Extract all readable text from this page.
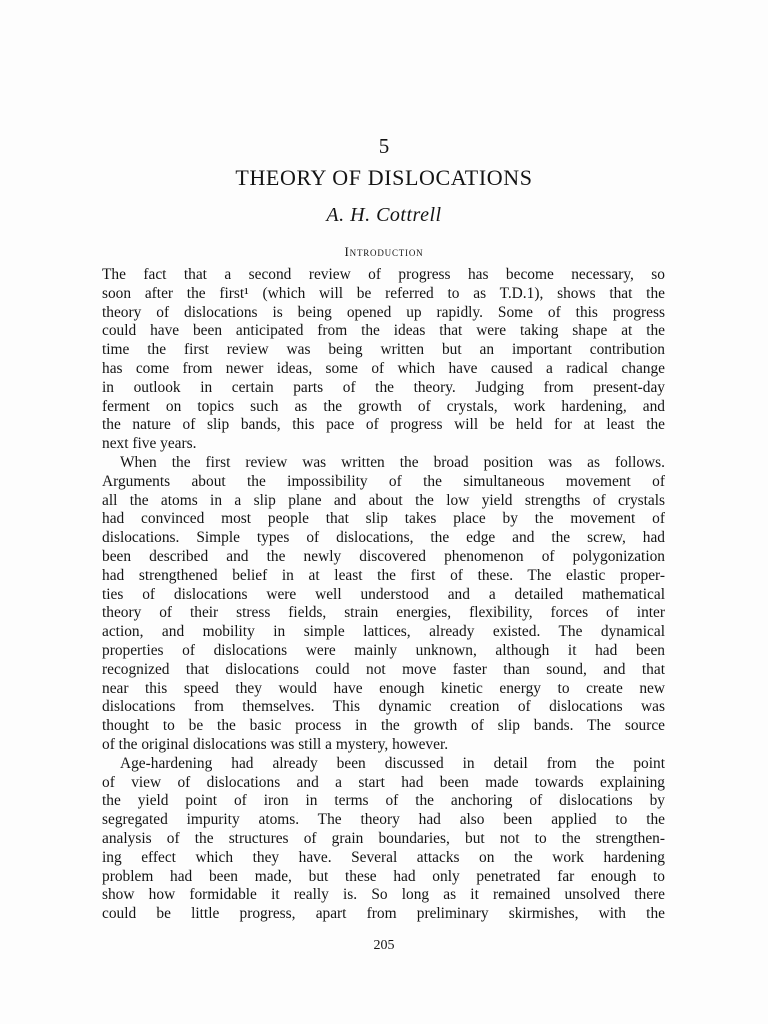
5
THEORY OF DISLOCATIONS
A. H. Cottrell
Introduction
The fact that a second review of progress has become necessary, so
soon after the first¹ (which will be referred to as T.D.1), shows that the
theory of dislocations is being opened up rapidly. Some of this progress
could have been anticipated from the ideas that were taking shape at the
time the first review was being written but an important contribution
has come from newer ideas, some of which have caused a radical change
in outlook in certain parts of the theory. Judging from present-day
ferment on topics such as the growth of crystals, work hardening, and
the nature of slip bands, this pace of progress will be held for at least the
next five years.
When the first review was written the broad position was as follows.
Arguments about the impossibility of the simultaneous movement of
all the atoms in a slip plane and about the low yield strengths of crystals
had convinced most people that slip takes place by the movement of
dislocations. Simple types of dislocations, the edge and the screw, had
been described and the newly discovered phenomenon of polygonization
had strengthened belief in at least the first of these. The elastic proper-
ties of dislocations were well understood and a detailed mathematical
theory of their stress fields, strain energies, flexibility, forces of inter
action, and mobility in simple lattices, already existed. The dynamical
properties of dislocations were mainly unknown, although it had been
recognized that dislocations could not move faster than sound, and that
near this speed they would have enough kinetic energy to create new
dislocations from themselves. This dynamic creation of dislocations was
thought to be the basic process in the growth of slip bands. The source
of the original dislocations was still a mystery, however.
Age-hardening had already been discussed in detail from the point
of view of dislocations and a start had been made towards explaining
the yield point of iron in terms of the anchoring of dislocations by
segregated impurity atoms. The theory had also been applied to the
analysis of the structures of grain boundaries, but not to the strengthen-
ing effect which they have. Several attacks on the work hardening
problem had been made, but these had only penetrated far enough to
show how formidable it really is. So long as it remained unsolved there
could be little progress, apart from preliminary skirmishes, with the
205
